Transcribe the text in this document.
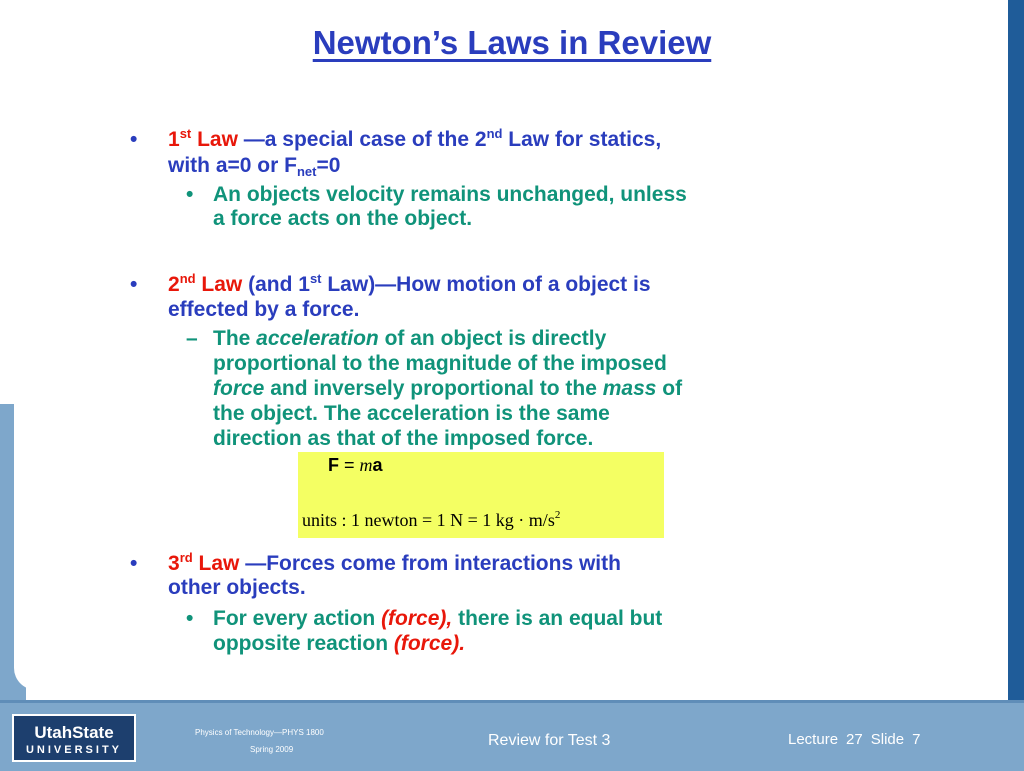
Newton’s Laws in Review
• 1st Law —a special case of the 2nd Law for statics,
with a=0 or $F_{net}=0$
• An objects velocity remains unchanged, unless
a force acts on the object.
• 2nd Law (and 1st Law)—How motion of a object is
effected by a force.
– The acceleration of an object is directly
proportional to the magnitude of the imposed
force and inversely proportional to the mass of
the object. The acceleration is the same
direction as that of the imposed force.
F = ma
units : 1 newton = 1 N = 1 kg · $m/s^2$
• 3rd Law —Forces come from interactions with
other objects.
• For every action (force), there is an equal but
opposite reaction (force).
UtahState
UNIVERSITY
Physics of Technology—PHYS 1800
Spring 2009
Review for Test 3	Lecture 27 Slide 7
